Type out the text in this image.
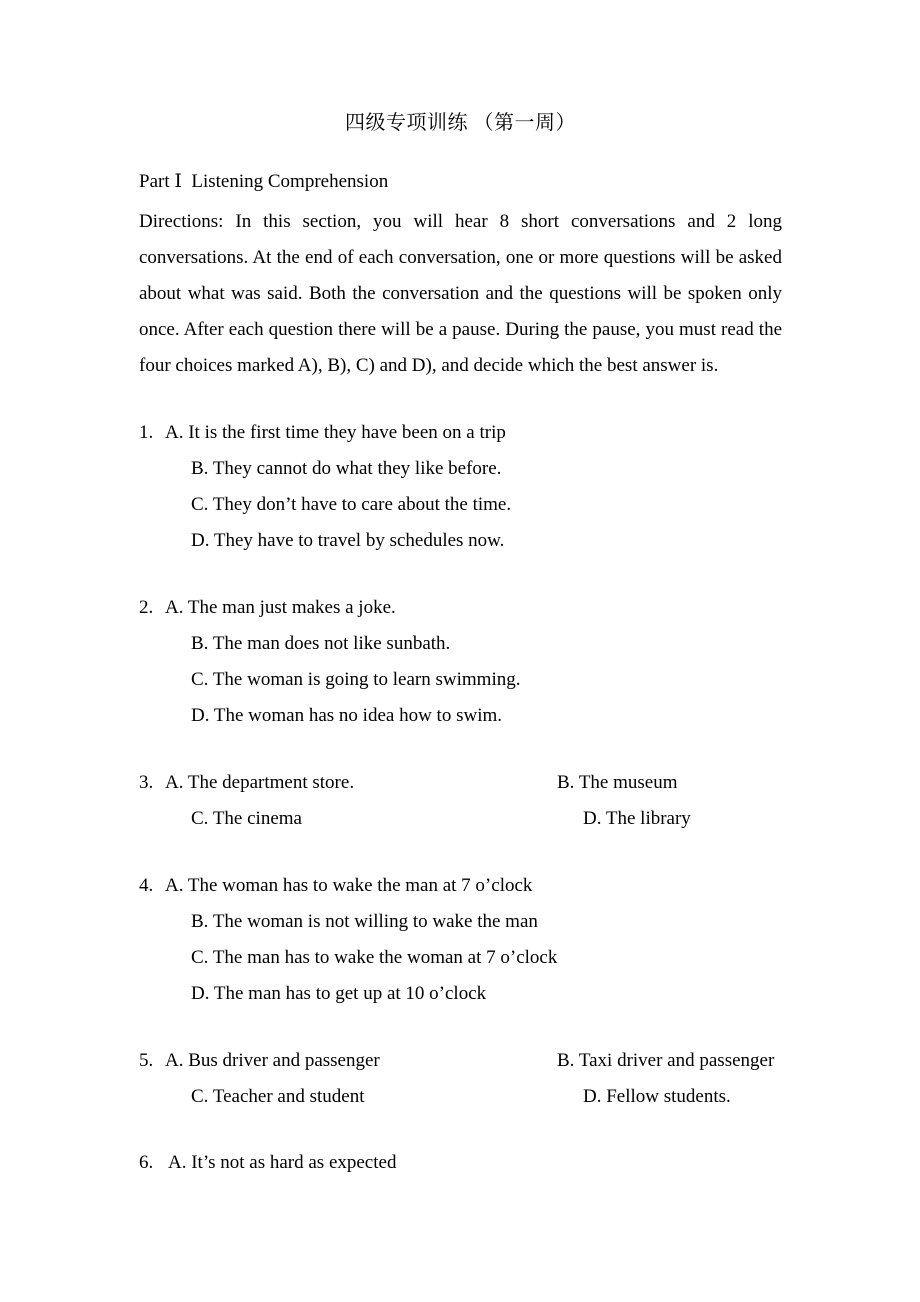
四级专项训练 （第一周）
Part Ⅰ  Listening Comprehension

Directions: In this section, you will hear 8 short conversations and 2 long conversations. At the end of each conversation, one or more questions will be asked about what was said. Both the conversation and the questions will be spoken only once. After each question there will be a pause. During the pause, you must read the four choices marked A), B), C) and D), and decide which the best answer is.

1. A. It is the first time they have been on a trip
B. They cannot do what they like before.
C. They don’t have to care about the time.
D. They have to travel by schedules now.
2. A. The man just makes a joke.
B. The man does not like sunbath.
C. The woman is going to learn swimming.
D. The woman has no idea how to swim.
3. A. The department store.	B. The museum
C. The cinema	D. The library
4. A. The woman has to wake the man at 7 o’clock
B. The woman is not willing to wake the man
C. The man has to wake the woman at 7 o’clock
D. The man has to get up at 10 o’clock
5. A. Bus driver and passenger	B. Taxi driver and passenger
C. Teacher and student	D. Fellow students.
6. A. It’s not as hard as expected
